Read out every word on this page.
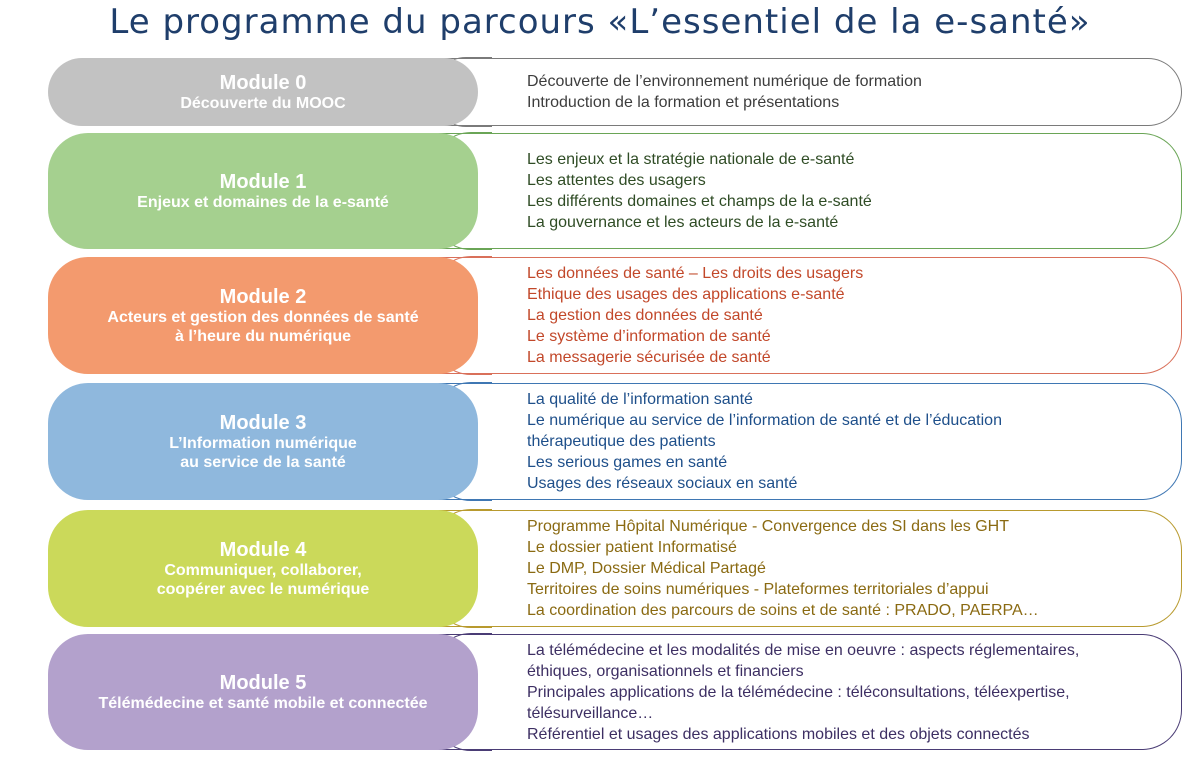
Le programme du parcours «L’essentiel de la e-santé»
Module 0
Découverte du MOOC
Découverte de l’environnement numérique de formation
Introduction de la formation et présentations
Module 1
Enjeux et domaines de la e-santé
Les enjeux et la stratégie nationale de e-santé
Les attentes des usagers
Les différents domaines et champs de la e-santé
La gouvernance et les acteurs de la e-santé
Module 2
Acteurs et gestion des données de santé
à l’heure du numérique
Les données de santé – Les droits des usagers
Ethique des usages des applications e-santé
La gestion des données de santé
Le système d’information de santé
La messagerie sécurisée de santé
Module 3
L’Information numérique
au service de la santé
La qualité de l’information santé
Le numérique au service de l’information de santé et de l’éducation
thérapeutique des patients
Les serious games en santé
Usages des réseaux sociaux en santé
Module 4
Communiquer, collaborer,
coopérer avec le numérique
Programme Hôpital Numérique - Convergence des SI dans les GHT
Le dossier patient Informatisé
Le DMP, Dossier Médical Partagé
Territoires de soins numériques - Plateformes territoriales d’appui
La coordination des parcours de soins et de santé : PRADO, PAERPA…
Module 5
Télémédecine et santé mobile et connectée
La télémédecine et les modalités de mise en oeuvre : aspects réglementaires,
éthiques, organisationnels et financiers
Principales applications de la télémédecine : téléconsultations, téléexpertise,
télésurveillance…
Référentiel et usages des applications mobiles et des objets connectés
